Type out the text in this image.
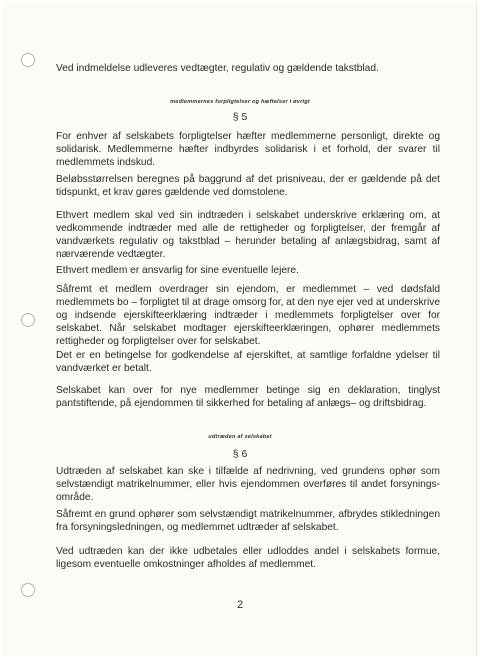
Ved indmeldelse udleveres vedtægter, regulativ og gældende takstblad.
medlemmernes forpligtelser og hæftelser i øvrigt
§ 5

For enhver af selskabets forpligtelser hæfter medlemmerne personligt, direkte og solidarisk. Medlemmerne hæfter indbyrdes solidarisk i et forhold, der svarer til medlemmets indskud.

Beløbsstørrelsen beregnes på baggrund af det prisniveau, der er gældende på det tidspunkt, et krav gøres gældende ved domstolene.

Ethvert medlem skal ved sin indtræden i selskabet underskrive erklæring om, at vedkommende indtræder med alle de rettigheder og forpligtelser, der fremgår af vandværkets regulativ og takstblad – herunder betaling af anlægsbidrag, samt af nærværende vedtægter.

Ethvert medlem er ansvarlig for sine eventuelle lejere.

Såfremt et medlem overdrager sin ejendom, er medlemmet – ved dødsfald medlemmets bo – forpligtet til at drage omsorg for, at den nye ejer ved at underskrive og indsende ejerskifteerklæring indtræder i medlemmets forpligtelser over for selskabet. Når selskabet modtager ejerskifteerklæringen, ophører medlemmets rettigheder og forpligtelser over for selskabet.

Det er en betingelse for godkendelse af ejerskiftet, at samtlige forfaldne ydelser til vandværket er betalt.

Selskabet kan over for nye medlemmer betinge sig en deklaration, tinglyst pantstiftende, på ejendommen til sikkerhed for betaling af anlægs– og driftsbidrag.

udtræden af selskabet
§ 6

Udtræden af selskabet kan ske i tilfælde af nedrivning, ved grundens ophør som selvstændigt matrikelnummer, eller hvis ejendommen overføres til andet forsynings-område.

Såfremt en grund ophører som selvstændigt matrikelnummer, afbrydes stikledningen fra forsyningsledningen, og medlemmet udtræder af selskabet.

Ved udtræden kan der ikke udbetales eller udloddes andel i selskabets formue, ligesom eventuelle omkostninger afholdes af medlemmet.

2
